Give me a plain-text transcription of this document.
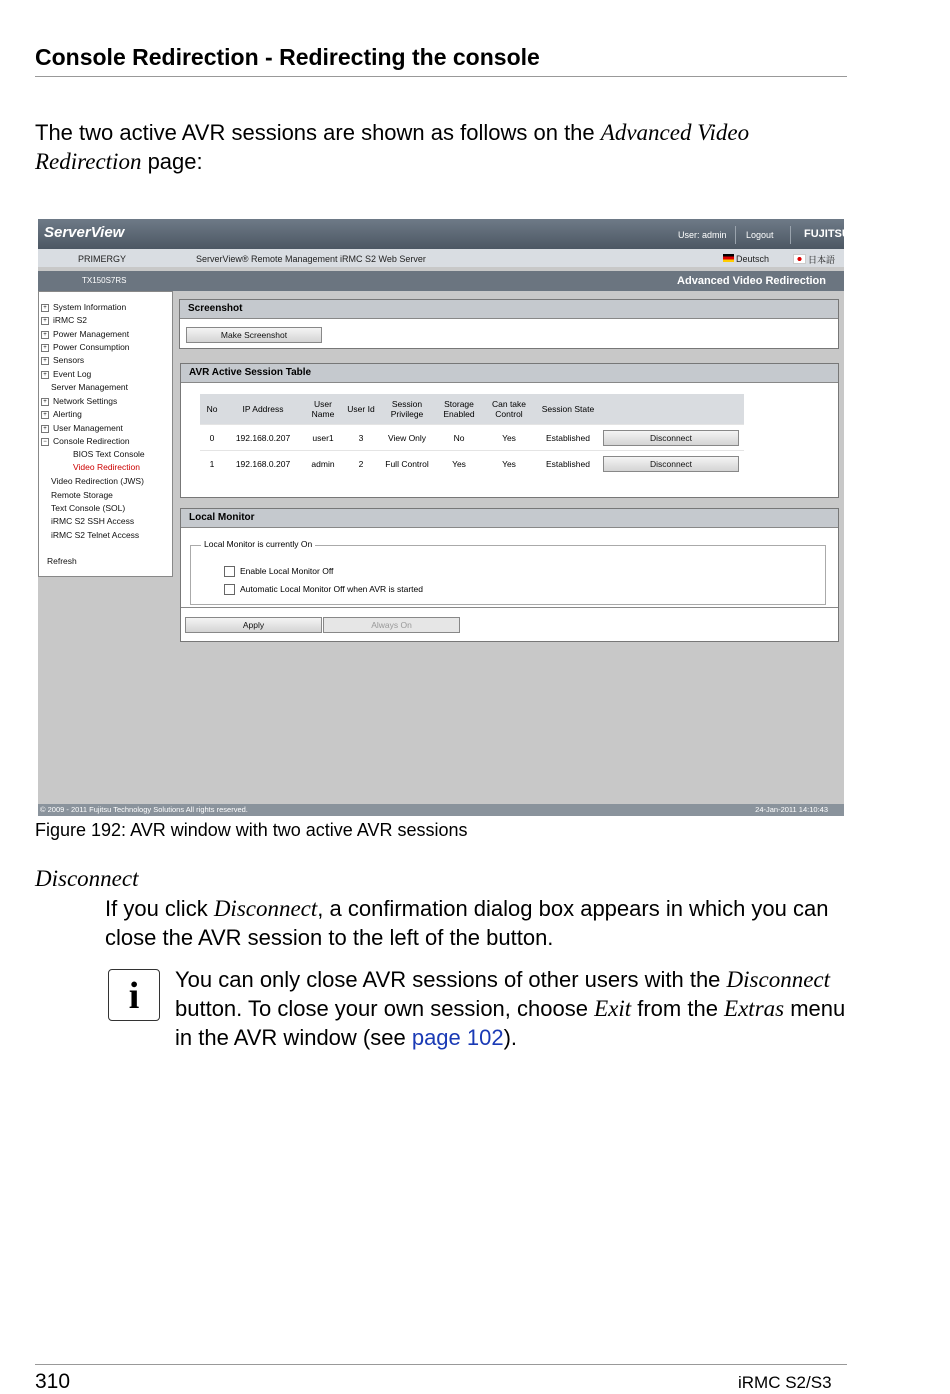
Console Redirection - Redirecting the console
The two active AVR sessions are shown as follows on the Advanced Video Redirection page:
ServerView	User: admin Logout	FUJITSU
PRIMERGY	ServerView® Remote Management iRMC S2 Web Server	Deutsch	日本語
TX150S7RS	Advanced Video Redirection
+ System Information
+ iRMC S2
+ Power Management
+ Power Consumption
+ Sensors
+ Event Log
Server Management
+ Network Settings
+ Alerting
+ User Management
− Console Redirection
BIOS Text Console
Video Redirection
Video Redirection (JWS)
Remote Storage
Text Console (SOL)
iRMC S2 SSH Access
iRMC S2 Telnet Access
Refresh
Screenshot
Make Screenshot
AVR Active Session Table
No	IP Address	User Name	User Id	Session Privilege	Storage Enabled	Can take Control	Session State	
0	192.168.0.207	user1	3	View Only	No	Yes	Established	Disconnect

1	192.168.0.207	admin	2	Full Control	Yes	Yes	Established	Disconnect
Local Monitor
Local Monitor is currently On
Enable Local Monitor Off
Automatic Local Monitor Off when AVR is started
Apply	Always On
© 2009 - 2011 Fujitsu Technology Solutions All rights reserved.	24-Jan-2011 14:10:43
Figure 192: AVR window with two active AVR sessions
Disconnect
If you click Disconnect, a confirmation dialog box appears in which you can close the AVR session to the left of the button.
i	You can only close AVR sessions of other users with the Disconnect button. To close your own session, choose Exit from the Extras menu in the AVR window (see page 102).
310	iRMC S2/S3
